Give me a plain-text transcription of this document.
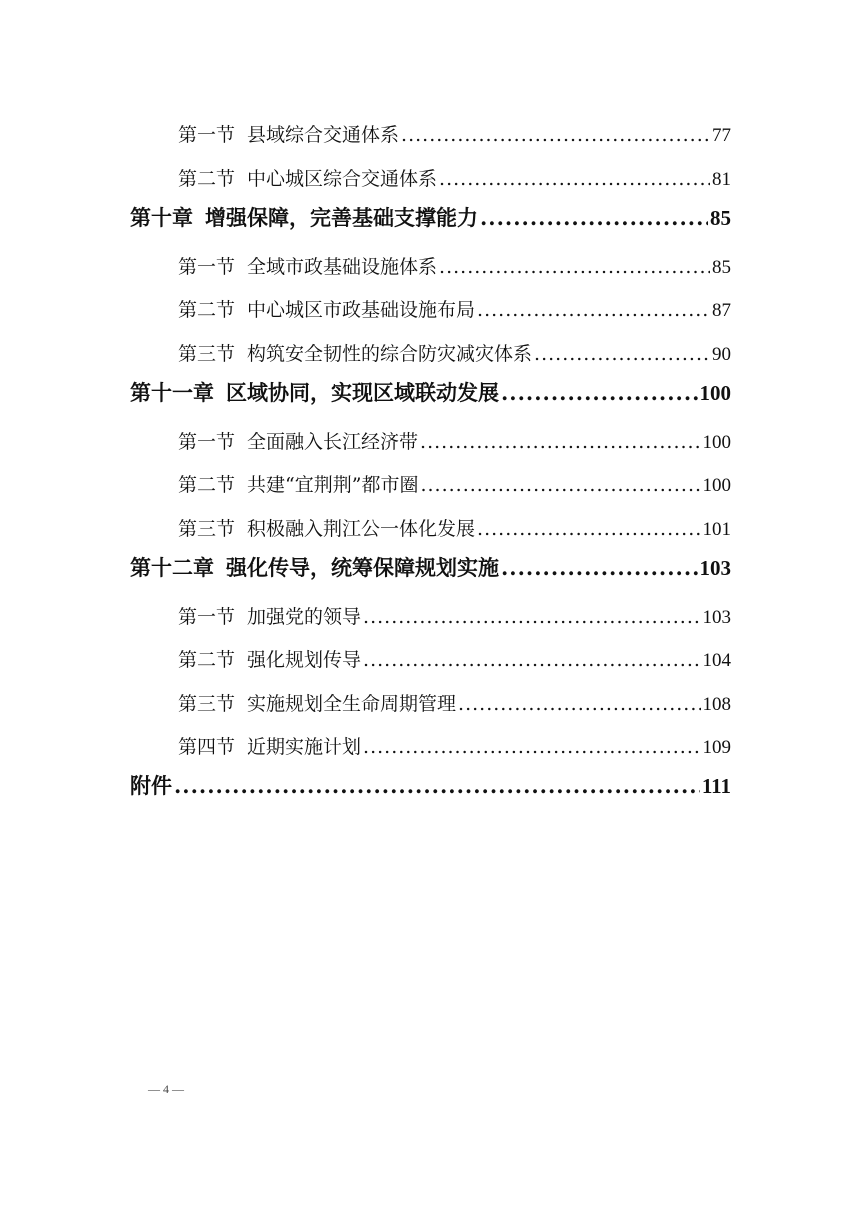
第一节 县域综合交通体系 .....	77
第二节 中心城区综合交通体系 .....	81
第十章 增强保障，完善基础支撑能力 .....	85
第一节 全域市政基础设施体系 .....	85
第二节 中心城区市政基础设施布局 .....	87
第三节 构筑安全韧性的综合防灾减灾体系 .....	90
第十一章 区域协同，实现区域联动发展 .....	100
第一节 全面融入长江经济带 .....	100
第二节 共建“宜荆荆”都市圈 .....	100
第三节 积极融入荆江公一体化发展 .....	101
第十二章 强化传导，统筹保障规划实施 .....	103
第一节 加强党的领导 .....	103
第二节 强化规划传导 .....	104
第三节 实施规划全生命周期管理 .....	108
第四节 近期实施计划 .....	109
附件 .....	111
— 4 —
